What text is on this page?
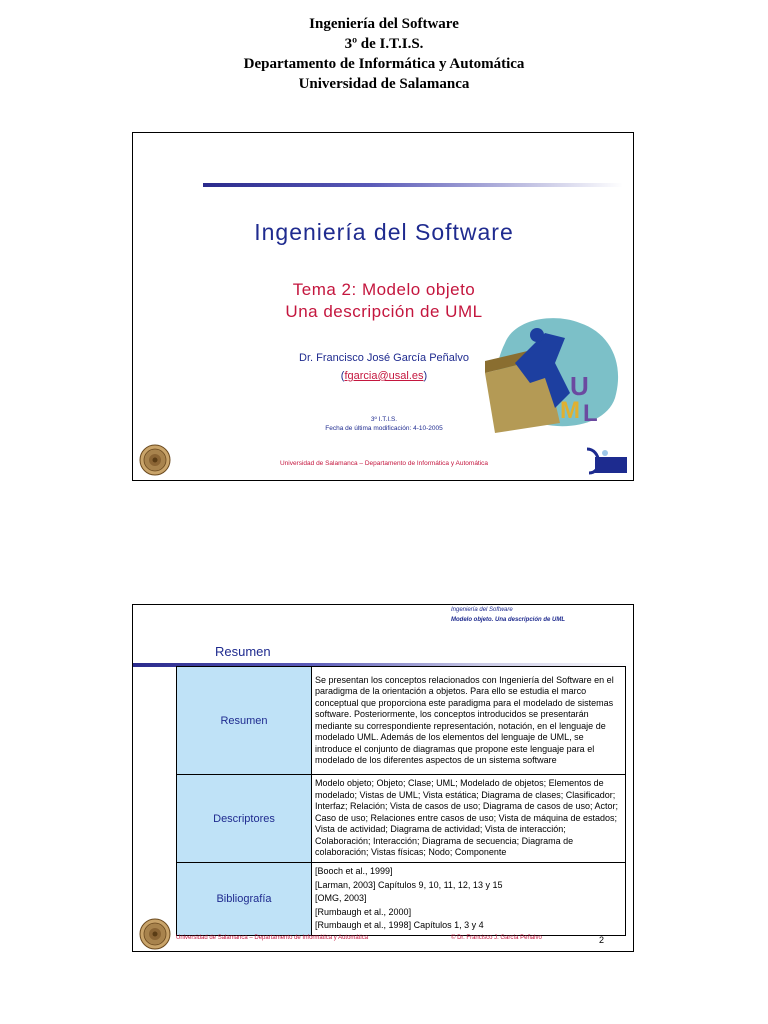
Ingeniería del Software
3º de I.T.I.S.
Departamento de Informática y Automática
Universidad de Salamanca
Ingeniería del Software
Tema 2: Modelo objeto
Una descripción de UML
Dr. Francisco José García Peñalvo
(fgarcia@usal.es)
3º I.T.I.S.
Fecha de última modificación: 4-10-2005
Universidad de Salamanca – Departamento de Informática y Automática
U
M L
Ingeniería del Software
Modelo objeto. Una descripción de UML
Resumen
Resumen	Se presentan los conceptos relacionados con Ingeniería del Software en el paradigma de la orientación a objetos. Para ello se estudia el marco conceptual que proporciona este paradigma para el modelado de sistemas software. Posteriormente, los conceptos introducidos se presentarán mediante su correspondiente representación, notación, en el lenguaje de modelado UML. Además de los elementos del lenguaje de UML, se introduce el conjunto de diagramas que propone este lenguaje para el modelado de los diferentes aspectos de un sistema software
Descriptores	Modelo objeto; Objeto; Clase; UML; Modelado de objetos; Elementos de modelado; Vistas de UML; Vista estática; Diagrama de clases; Clasificador; Interfaz; Relación; Vista de casos de uso; Diagrama de casos de uso; Actor; Caso de uso; Relaciones entre casos de uso; Vista de máquina de estados; Vista de actividad; Diagrama de actividad; Vista de interacción; Colaboración; Interacción; Diagrama de secuencia; Diagrama de colaboración; Vistas físicas; Nodo; Componente
Bibliografía	[Booch et al., 1999]
[Larman, 2003] Capítulos 9, 10, 11, 12, 13 y 15
[OMG, 2003]
[Rumbaugh et al., 2000]
[Rumbaugh et al., 1998] Capítulos 1, 3 y 4
Universidad de Salamanca – Departamento de Informática y Automática	© Dr. Francisco J. García Peñalvo	2
